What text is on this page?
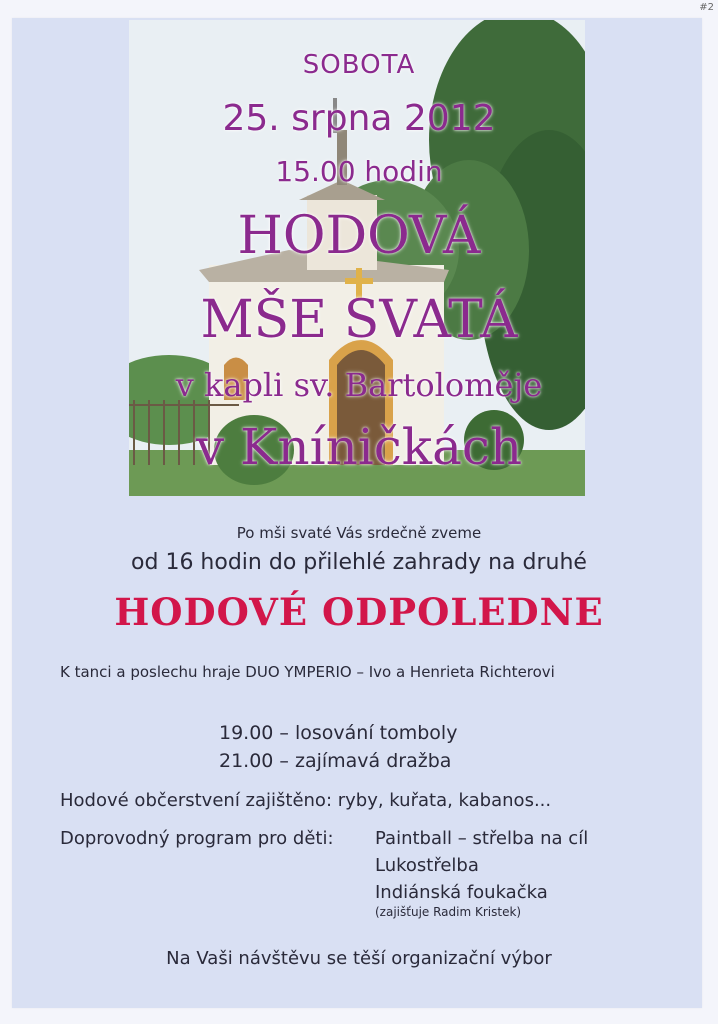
#2
SOBOTA
25. srpna 2012
15.00 hodin
HODOVÁ
MŠE SVATÁ
v kapli sv. Bartoloměje
v Kníničkách
Po mši svaté Vás srdečně zveme
od 16 hodin do přilehlé zahrady na druhé
HODOVÉ ODPOLEDNE
K tanci a poslechu hraje DUO YMPERIO – Ivo a Henrieta Richterovi
19.00 – losování tomboly
21.00 – zajímavá dražba
Hodové občerstvení zajištěno: ryby, kuřata, kabanos...
Doprovodný program pro děti: Paintball – střelba na cíl
Lukostřelba
Indiánská foukačka
(zajišťuje Radim Kristek)
Na Vaši návštěvu se těší organizační výbor
